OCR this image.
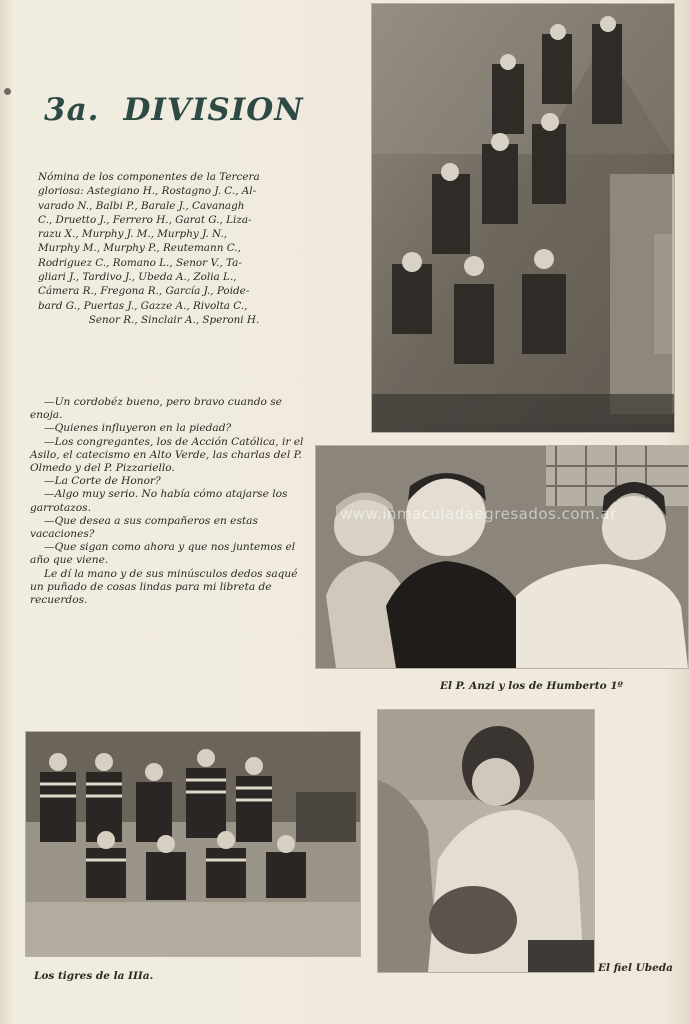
3a. DIVISION

Nómina de los componentes de la Tercera

gloriosa: Astegiano H., Rostagno J. C., Al-

varado N., Balbi P., Barale J., Cavanagh

C., Druetto J., Ferrero H., Garat G., Liza-

razu X., Murphy J. M., Murphy J. N.,

Murphy M., Murphy P., Reutemann C.,

Rodriguez C., Romano L., Senor V., Ta-

gliari J., Tardivo J., Ubeda A., Zolia L.,

Cámera R., Fregona R., García J., Poide-

bard G., Puertas J., Gazze A., Rivolta C.,

Senor R., Sinclair A., Speroni H.

—Un cordobéz bueno, pero bravo cuando se enoja.

—Quienes influyeron en la piedad?

—Los congregantes, los de Acción Católica, ir el Asilo, el catecismo en Alto Verde, las charlas del P. Olmedo y del P. Pizzariello.

—La Corte de Honor?

—Algo muy serio. No había cómo atajarse los garrotazos.

—Que desea a sus compañeros en estas vacaciones?

—Que sigan como ahora y que nos juntemos el año que viene.

Le dí la mano y de sus minúsculos dedos saqué un puñado de cosas lindas para mi libreta de recuerdos.

www.inmaculadaegresados.com.ar
El P. Anzi y los de Humberto 1º
Los tigres de la IIIa.
El fiel Ubeda
